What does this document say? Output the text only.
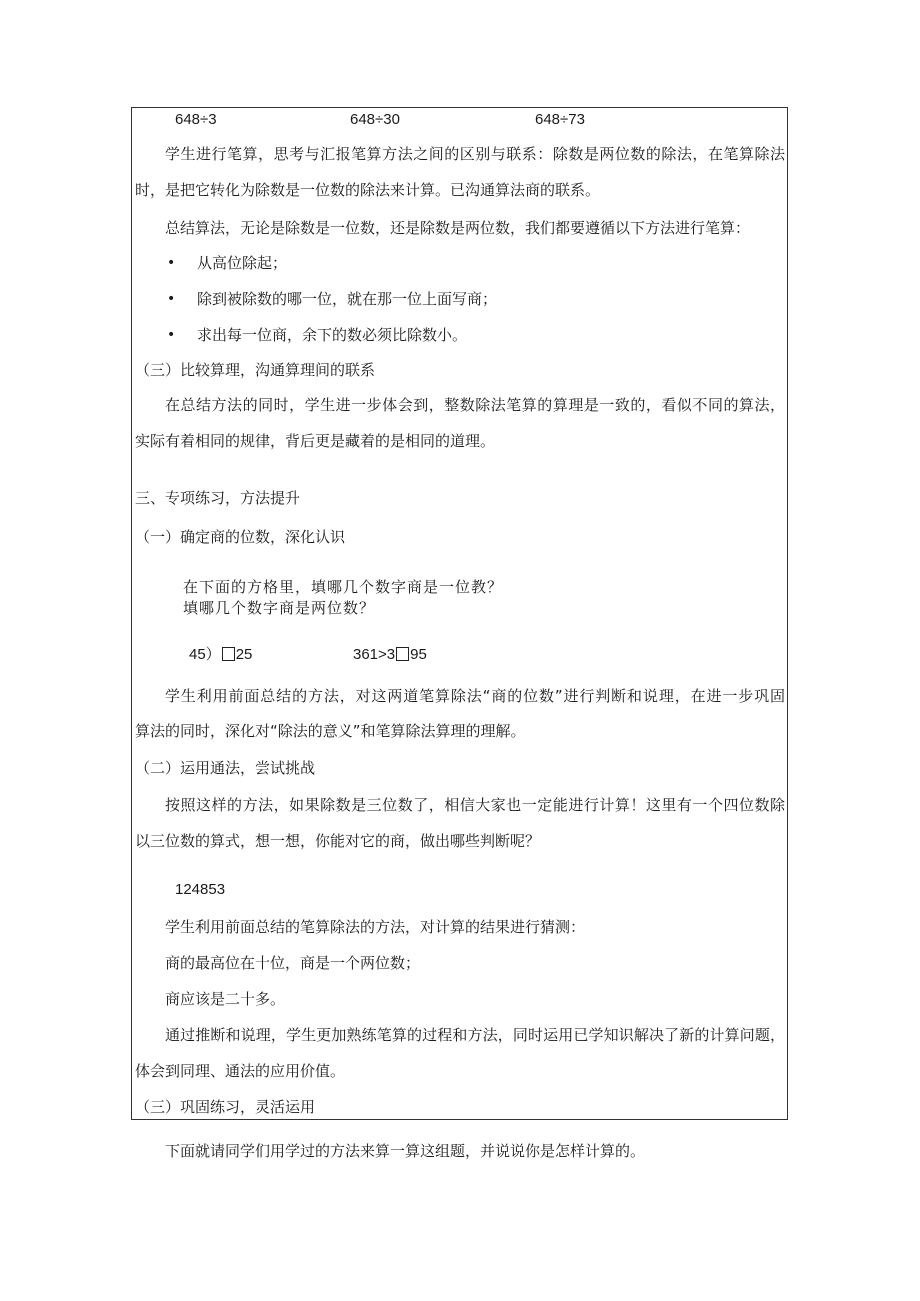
648÷3	648÷30	648÷73
学生进行笔算，思考与汇报笔算方法之间的区别与联系：除数是两位数的除法，在笔算除法
时，是把它转化为除数是一位数的除法来计算。已沟通算法商的联系。
总结算法，无论是除数是一位数，还是除数是两位数，我们都要遵循以下方法进行笔算：
• 从高位除起；
• 除到被除数的哪一位，就在那一位上面写商；
• 求出每一位商，余下的数必须比除数小。
（三）比较算理，沟通算理间的联系
在总结方法的同时，学生进一步体会到，整数除法笔算的算理是一致的，看似不同的算法，
实际有着相同的规律，背后更是藏着的是相同的道理。
三、专项练习，方法提升
（一）确定商的位数，深化认识
在下面的方格里，填哪几个数字商是一位教？
填哪几个数字商是两位数？
45） 25	361>3 95
学生利用前面总结的方法，对这两道笔算除法“商的位数”进行判断和说理，在进一步巩固
算法的同时，深化对“除法的意义”和笔算除法算理的理解。
（二）运用通法，尝试挑战
按照这样的方法，如果除数是三位数了，相信大家也一定能进行计算！这里有一个四位数除
以三位数的算式，想一想，你能对它的商，做出哪些判断呢？
124853
学生利用前面总结的笔算除法的方法，对计算的结果进行猜测：
商的最高位在十位，商是一个两位数；
商应该是二十多。
通过推断和说理，学生更加熟练笔算的过程和方法，同时运用已学知识解决了新的计算问题，
体会到同理、通法的应用价值。
（三）巩固练习，灵活运用
下面就请同学们用学过的方法来算一算这组题，并说说你是怎样计算的。
